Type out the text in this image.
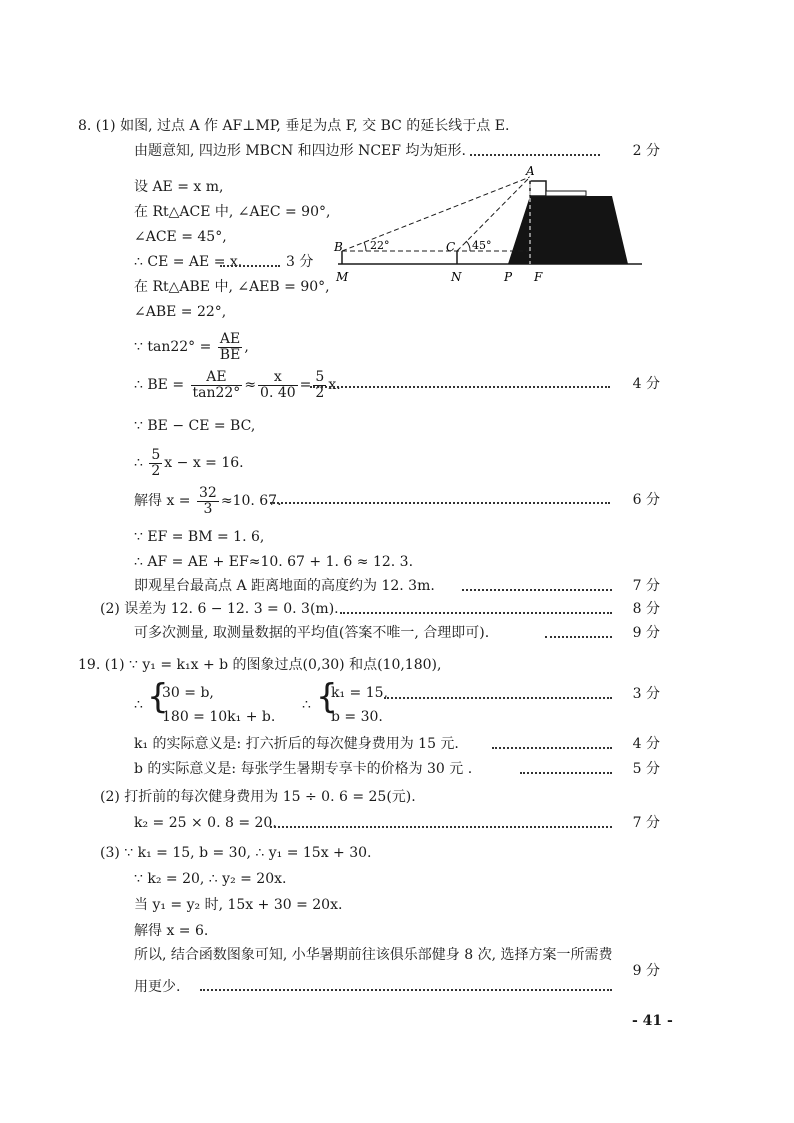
8. (1) 如图, 过点 A 作 AF⊥MP, 垂足为点 F, 交 BC 的延长线于点 E.
由题意知, 四边形 MBCN 和四边形 NCEF 均为矩形.	2 分
设 AE = x m,
在 Rt△ACE 中, ∠AEC = 90°,
∠ACE = 45°,
∴ CE = AE = x.	3 分
在 Rt△ABE 中, ∠AEB = 90°,
∠ABE = 22°,
∵ $\tan 22^\circ = \frac{AE}{BE}$ ,
∴ BE = $\frac{AE}{\tan 22^\circ} \approx \frac{x}{0. 40} = \frac{5}{2} x$.	4 分
∵ BE − CE = BC,
∴ $\frac{5}{2}$ x − x = 16.
解得 $x = \frac{32}{3} \approx 10$. 67.	6 分
∵ EF = BM = 1. 6,
∴ AF = AE + EF≈10. 67 + 1. 6 ≈ 12. 3.
即观星台最高点 A 距离地面的高度约为 12. 3m.	7 分
(2) 误差为 12. 6 − 12. 3 = 0. 3(m).	8 分
可多次测量, 取测量数据的平均值(答案不唯一, 合理即可).	9 分
A
B	C
22°	45°
M	N	P F
19. (1) ∵ y₁ = k₁x + b 的图象过点(0,30) 和点(10,180),
∴ {
30 = b,
180 = 10k₁ + b.
∴ {
k₁ = 15,
b = 30.
3 分
k₁ 的实际意义是: 打六折后的每次健身费用为 15 元.	4 分
b 的实际意义是: 每张学生暑期专享卡的价格为 30 元 .	5 分
(2) 打折前的每次健身费用为 15 ÷ 0. 6 = 25(元).
k₂ = 25 × 0. 8 = 20.	7 分
(3) ∵ k₁ = 15, b = 30, ∴ y₁ = 15x + 30.
∵ k₂ = 20, ∴ y₂ = 20x.
当 y₁ = y₂ 时, 15x + 30 = 20x.
解得 x = 6.
所以, 结合函数图象可知, 小华暑期前往该俱乐部健身 8 次, 选择方案一所需费
9 分
用更少.
- 41 -
